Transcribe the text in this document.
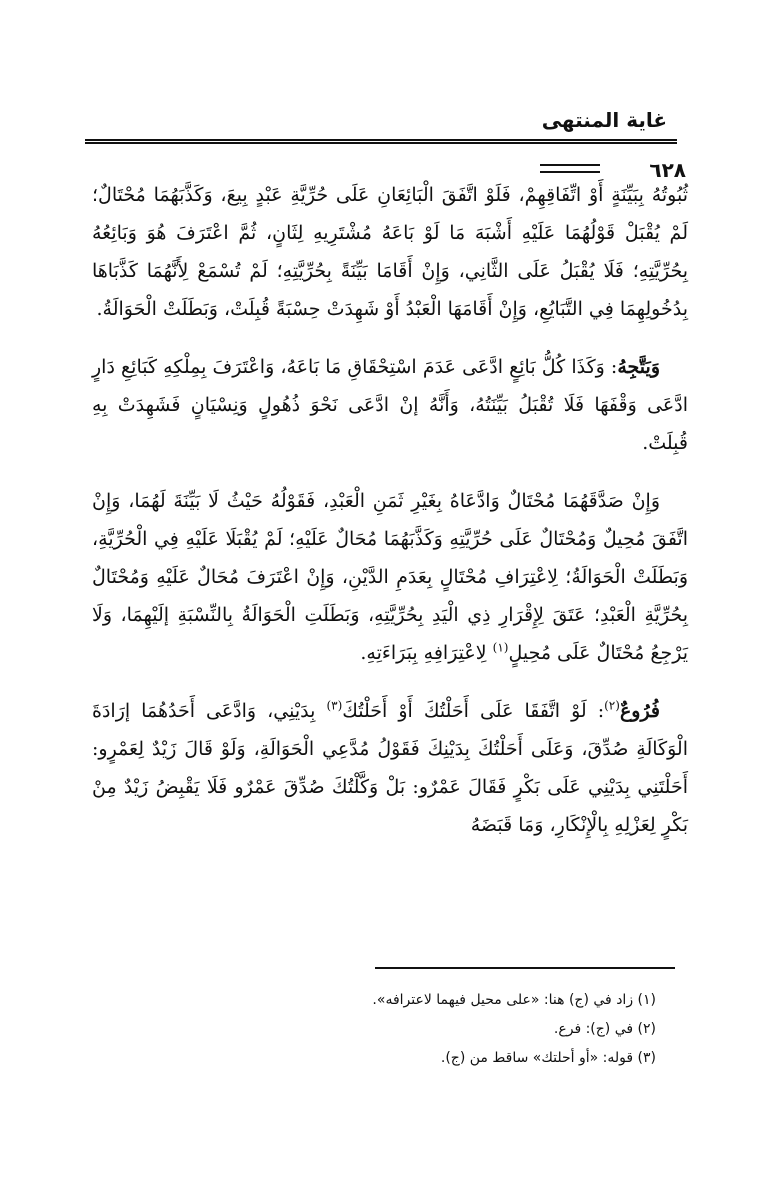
غاية المنتهى
٦٢٨

ثُبُوتُهُ بِبَيِّنَةٍ أَوْ اتِّفَاقِهِمْ، فَلَوْ اتَّفَقَ الْبَائِعَانِ عَلَى حُرِّيَّةِ عَبْدٍ بِيعَ، وَكَذَّبَهُمَا مُحْتَالٌ؛ لَمْ يُقْبَلْ قَوْلُهُمَا عَلَيْهِ أَشْبَهَ مَا لَوْ بَاعَهُ مُشْتَرِيهِ لِثَانٍ، ثُمَّ اعْتَرَفَ هُوَ وَبَائِعُهُ بِحُرِّيَّتِهِ؛ فَلَا يُقْبَلُ عَلَى الثَّانِي، وَإِنْ أَقَامَا بَيِّنَةً بِحُرِّيَّتِهِ؛ لَمْ تُسْمَعْ لِأَنَّهُمَا كَذَّبَاهَا بِدُخُولِهِمَا فِي التَّبَايُعِ، وَإِنْ أَقَامَهَا الْعَبْدُ أَوْ شَهِدَتْ حِسْبَةً قُبِلَتْ، وَبَطَلَتْ الْحَوَالَةُ.

وَيَتَّجِهُ: وَكَذَا كُلُّ بَائِعٍ ادَّعَى عَدَمَ اسْتِحْقَاقِ مَا بَاعَهُ، وَاعْتَرَفَ بِمِلْكِهِ كَبَائِعِ دَارٍ ادَّعَى وَقْفَهَا فَلَا تُقْبَلُ بَيِّنَتُهُ، وَأَنَّهُ إنْ ادَّعَى نَحْوَ ذُهُولٍ وَنِسْيَانٍ فَشَهِدَتْ بِهِ قُبِلَتْ.

وَإِنْ صَدَّقَهُمَا مُحْتَالٌ وَادَّعَاهُ بِغَيْرِ ثَمَنِ الْعَبْدِ، فَقَوْلُهُ حَيْثُ لَا بَيِّنَةَ لَهُمَا، وَإِنْ اتَّفَقَ مُحِيلٌ وَمُحْتَالٌ عَلَى حُرِّيَّتِهِ وَكَذَّبَهُمَا مُحَالٌ عَلَيْهِ؛ لَمْ يُقْبَلَا عَلَيْهِ فِي الْحُرِّيَّةِ، وَبَطَلَتْ الْحَوَالَةُ؛ لِاعْتِرَافِ مُحْتَالٍ بِعَدَمِ الدَّيْنِ، وَإِنْ اعْتَرَفَ مُحَالٌ عَلَيْهِ وَمُحْتَالٌ بِحُرِّيَّةِ الْعَبْدِ؛ عَتَقَ لِإِقْرَارِ ذِي الْيَدِ بِحُرِّيَّتِهِ، وَبَطَلَتِ الْحَوَالَةُ بِالنِّسْبَةِ إلَيْهِمَا، وَلَا يَرْجِعُ مُحْتَالٌ عَلَى مُحِيلٍ$^{(١)}$ لِاعْتِرَافِهِ بِبَرَاءَتِهِ.

فُرُوعٌ$^{(٢)}$: لَوْ اتَّفَقَا عَلَى أَحَلْتُكَ أَوْ أَحَلْتُكَ$^{(٣)}$ بِدَيْنِي، وَادَّعَى أَحَدُهُمَا إرَادَةَ الْوَكَالَةِ صُدِّقَ، وَعَلَى أَحَلْتُكَ بِدَيْنِكَ فَقَوْلُ مُدَّعِي الْحَوَالَةِ، وَلَوْ قَالَ زَيْدٌ لِعَمْرٍو: أَحَلْتَنِي بِدَيْنِي عَلَى بَكْرٍ فَقَالَ عَمْرٌو: بَلْ وَكَّلْتُكَ صُدِّقَ عَمْرٌو فَلَا يَقْبِضُ زَيْدٌ مِنْ بَكْرٍ لِعَزْلِهِ بِالْإِنْكَارِ، وَمَا قَبَضَهُ

(١) زاد في (ج) هنا: «على محيل فيهما لاعترافه».

(٢) في (ج): فرع.

(٣) قوله: «أو أحلتك» ساقط من (ج).
